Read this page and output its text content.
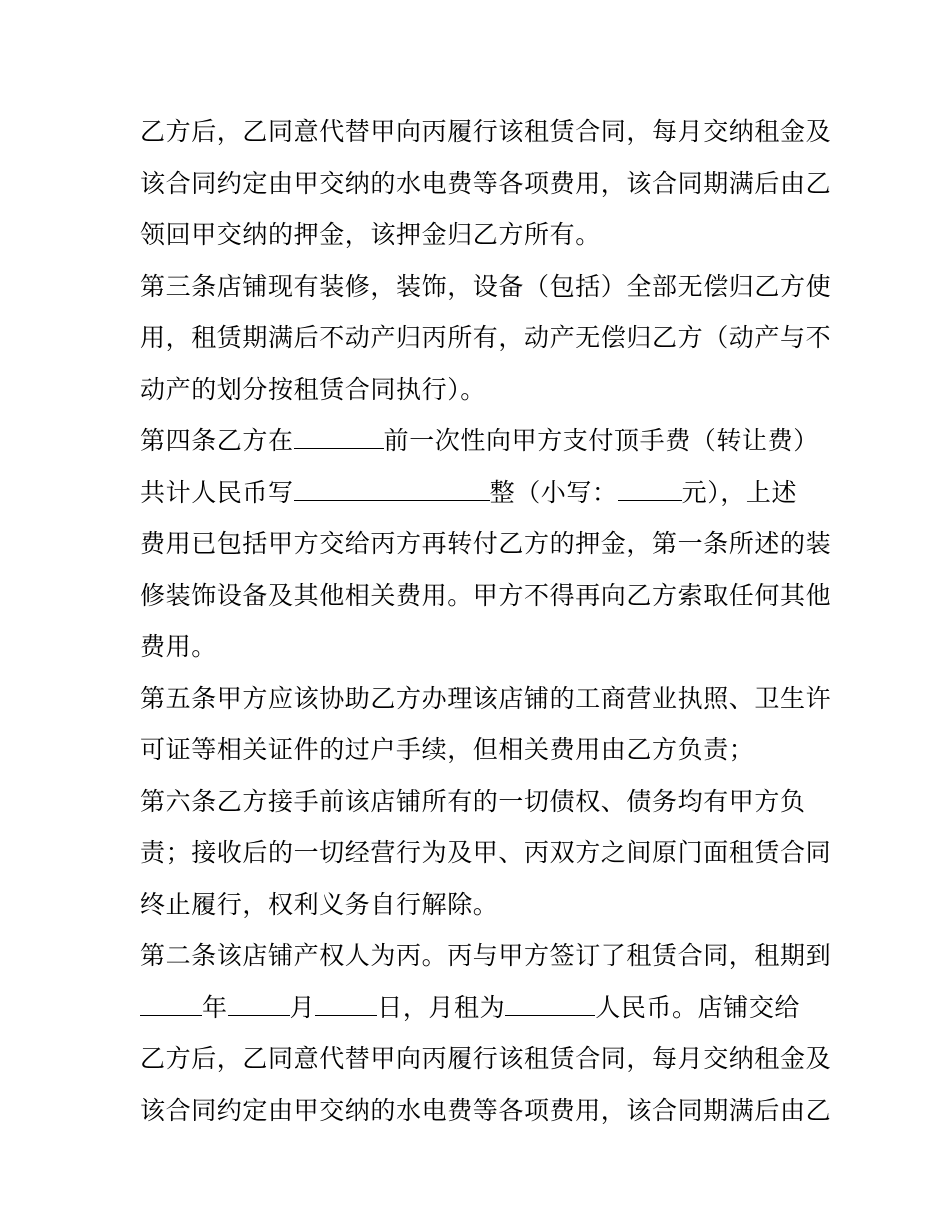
乙方后，乙同意代替甲向丙履行该租赁合同，每月交纳租金及
该合同约定由甲交纳的水电费等各项费用，该合同期满后由乙
领回甲交纳的押金，该押金归乙方所有。
第三条店铺现有装修，装饰，设备（包括）全部无偿归乙方使
用，租赁期满后不动产归丙所有，动产无偿归乙方（动产与不
动产的划分按租赁合同执行）。
第四条乙方在	前一次性向甲方支付顶手费（转让费）
共计人民币写	整（小写：	元），上述
费用已包括甲方交给丙方再转付乙方的押金，第一条所述的装
修装饰设备及其他相关费用。甲方不得再向乙方索取任何其他
费用。
第五条甲方应该协助乙方办理该店铺的工商营业执照、卫生许
可证等相关证件的过户手续，但相关费用由乙方负责；
第六条乙方接手前该店铺所有的一切债权、债务均有甲方负
责；接收后的一切经营行为及甲、丙双方之间原门面租赁合同
终止履行，权利义务自行解除。
第二条该店铺产权人为丙。丙与甲方签订了租赁合同，租期到
年 月 日，月租为	人民币。店铺交给
乙方后，乙同意代替甲向丙履行该租赁合同，每月交纳租金及
该合同约定由甲交纳的水电费等各项费用，该合同期满后由乙
